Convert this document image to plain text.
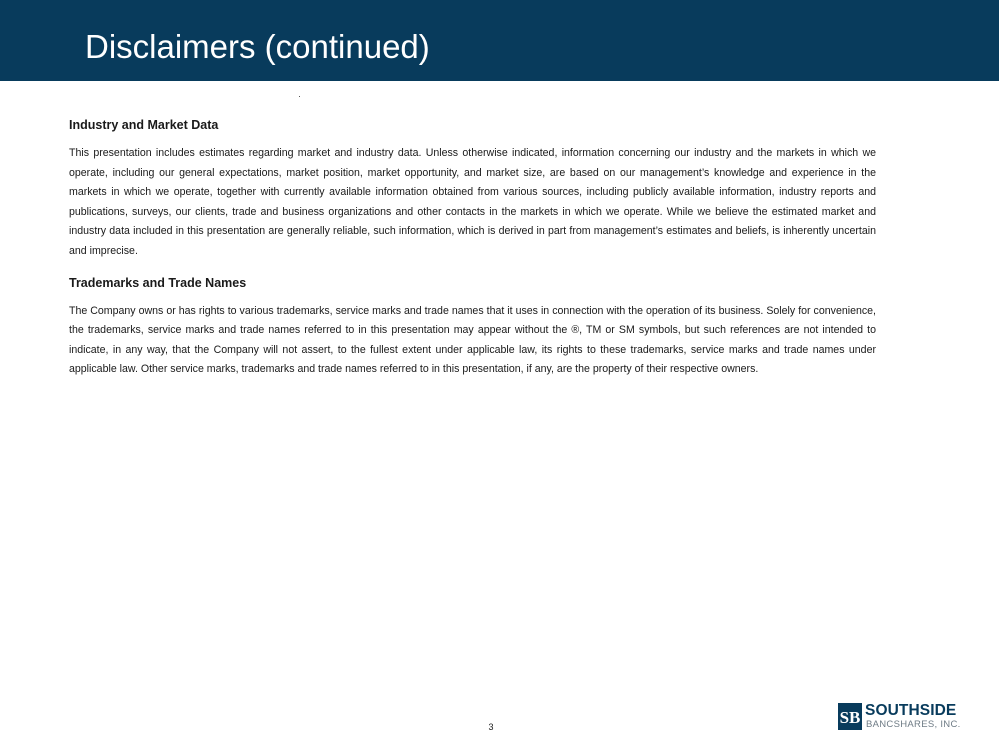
Disclaimers (continued)
Industry and Market Data

This presentation includes estimates regarding market and industry data. Unless otherwise indicated, information concerning our industry and the markets in which we operate, including our general expectations, market position, market opportunity, and market size, are based on our management’s knowledge and experience in the markets in which we operate, together with currently available information obtained from various sources, including publicly available information, industry reports and publications, surveys, our clients, trade and business organizations and other contacts in the markets in which we operate. While we believe the estimated market and industry data included in this presentation are generally reliable, such information, which is derived in part from management’s estimates and beliefs, is inherently uncertain and imprecise.

Trademarks and Trade Names

The Company owns or has rights to various trademarks, service marks and trade names that it uses in connection with the operation of its business. Solely for convenience, the trademarks, service marks and trade names referred to in this presentation may appear without the ®, TM or SM symbols, but such references are not intended to indicate, in any way, that the Company will not assert, to the fullest extent under applicable law, its rights to these trademarks, service marks and trade names under applicable law. Other service marks, trademarks and trade names referred to in this presentation, if any, are the property of their respective owners.

3	SB SOUTHSIDE
BANCSHARES, INC.
